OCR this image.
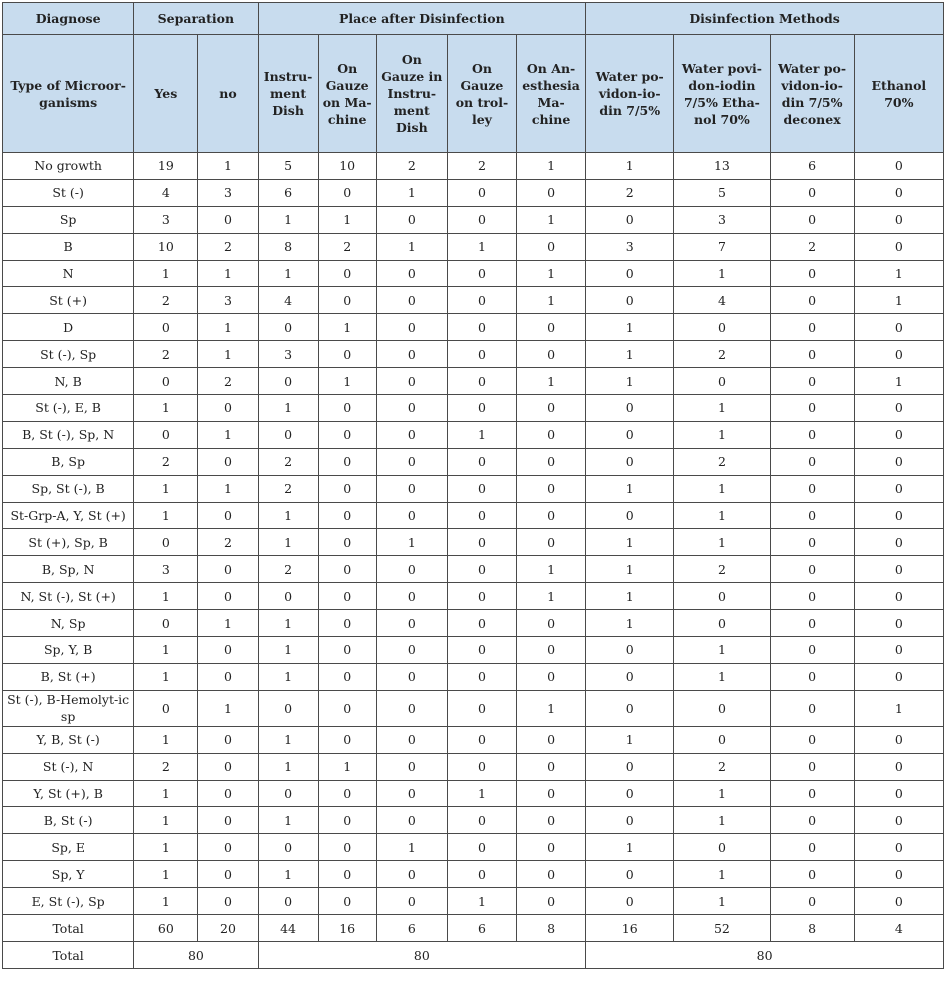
Diagnose	Separation		Place after Disinfection					Disinfection Methods			
Type of Microor-ganisms	Yes	no	Instru-ment Dish	On Gauze on Ma-chine	On Gauze in Instru-ment Dish	On Gauze on trol-ley	On An-esthesia Ma-chine	Water po-vidon-io-din 7/5%	Water povi-don-iodin 7/5% Etha-nol 70%	Water po-vidon-io-din 7/5% deconex	Ethanol 70%
No growth	19	1	5	10	2	2	1	1	13	6	0
St (-)	4	3	6	0	1	0	0	2	5	0	0
Sp	3	0	1	1	0	0	1	0	3	0	0
B	10	2	8	2	1	1	0	3	7	2	0
N	1	1	1	0	0	0	1	0	1	0	1
St (+)	2	3	4	0	0	0	1	0	4	0	1
D	0	1	0	1	0	0	0	1	0	0	0
St (-), Sp	2	1	3	0	0	0	0	1	2	0	0
N, B	0	2	0	1	0	0	1	1	0	0	1
St (-), E, B	1	0	1	0	0	0	0	0	1	0	0
B, St (-), Sp, N	0	1	0	0	0	1	0	0	1	0	0
B, Sp	2	0	2	0	0	0	0	0	2	0	0
Sp, St (-), B	1	1	2	0	0	0	0	1	1	0	0
St-Grp-A, Y, St (+)	1	0	1	0	0	0	0	0	1	0	0
St (+), Sp, B	0	2	1	0	1	0	0	1	1	0	0
B, Sp, N	3	0	2	0	0	0	1	1	2	0	0
N, St (-), St (+)	1	0	0	0	0	0	1	1	0	0	0
N, Sp	0	1	1	0	0	0	0	1	0	0	0
Sp, Y, B	1	0	1	0	0	0	0	0	1	0	0
B, St (+)	1	0	1	0	0	0	0	0	1	0	0
St (-), B-Hemolyt-ic sp	0	1	0	0	0	0	1	0	0	0	1
Y, B, St (-)	1	0	1	0	0	0	0	1	0	0	0
St (-), N	2	0	1	1	0	0	0	0	2	0	0
Y, St (+), B	1	0	0	0	0	1	0	0	1	0	0
B, St (-)	1	0	1	0	0	0	0	0	1	0	0
Sp, E	1	0	0	0	1	0	0	1	0	0	0
Sp, Y	1	0	1	0	0	0	0	0	1	0	0
E, St (-), Sp	1	0	0	0	0	1	0	0	1	0	0
Total	60	20	44	16	6	6	8	16	52	8	4
Total	80		80					80			
